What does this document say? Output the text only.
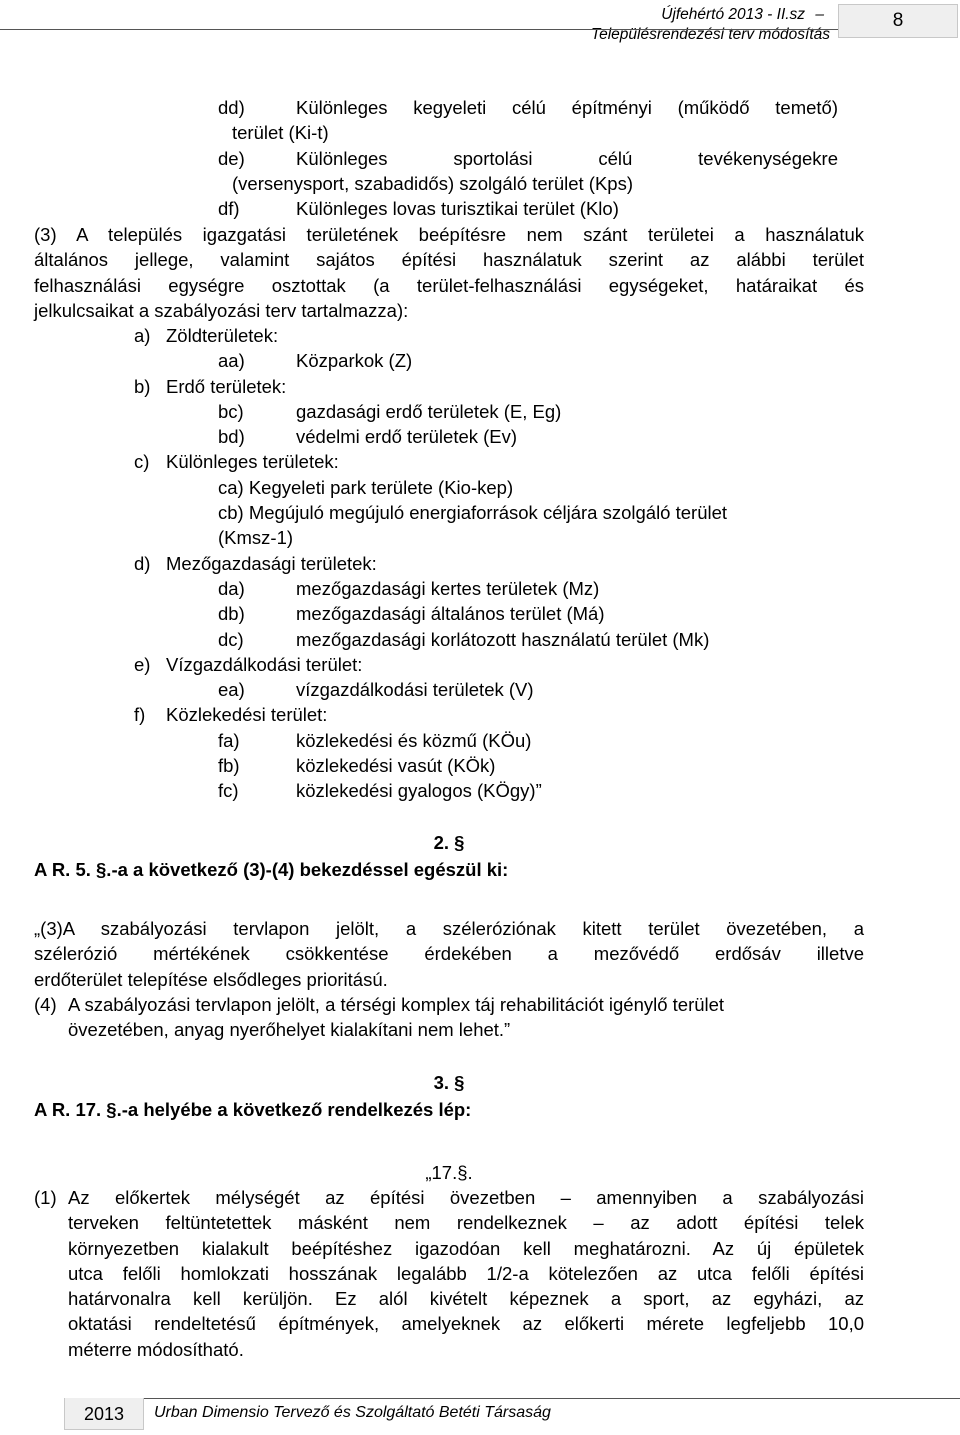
Újfehértó 2013 - II.sz – Településrendezési terv módosítás
8
dd)	Különleges kegyeleti célú építményi (működő temető)
terület (Ki-t)
de)	Különleges sportolási célú tevékenységekre
(versenysport, szabadidős) szolgáló terület (Kps)
df)	Különleges lovas turisztikai terület (Klo)

(3) A település igazgatási területének beépítésre nem szánt területei a használatuk

általános jellege, valamint sajátos építési használatuk szerint az alábbi terület

felhasználási egységre osztottak (a terület-felhasználási egységeket, határaikat és

jelkulcsaikat a szabályozási terv tartalmazza):

a) Zöldterületek:
aa)	Közparkok (Z)
b) Erdő területek:
bc)	gazdasági erdő területek (E, Eg)
bd)	védelmi erdő területek (Ev)
c) Különleges területek:
ca) Kegyeleti park területe (Kio-kep)
cb) Megújuló megújuló energiaforrások céljára szolgáló terület
(Kmsz-1)
d) Mezőgazdasági területek:
da)	mezőgazdasági kertes területek (Mz)
db)	mezőgazdasági általános terület (Má)
dc)	mezőgazdasági korlátozott használatú terület (Mk)
e) Vízgazdálkodási terület:
ea)	vízgazdálkodási területek (V)
f) Közlekedési terület:
fa)	közlekedési és közmű (KÖu)
fb)	közlekedési vasút (KÖk)
fc)	közlekedési gyalogos (KÖgy)”
2. §
A R. 5. §.-a a következő (3)-(4) bekezdéssel egészül ki:

„(3)A szabályozási tervlapon jelölt, a széleróziónak kitett terület övezetében, a

szélerózió mértékének csökkentése érdekében a mezővédő erdősáv illetve

erdőterület telepítése elsődleges prioritású.

(4) A szabályozási tervlapon jelölt, a térségi komplex táj rehabilitációt igénylő terület
övezetében, anyag nyerőhelyet kialakítani nem lehet.”
3. §
A R. 17. §.-a helyébe a következő rendelkezés lép:
„17.§.
(1) Az előkertek mélységét az építési övezetben – amennyiben a szabályozási

terveken feltüntetettek másként nem rendelkeznek – az adott építési telek

környezetben kialakult beépítéshez igazodóan kell meghatározni. Az új épületek

utca felőli homlokzati hosszának legalább 1/2-a kötelezően az utca felőli építési

határvonalra kell kerüljön. Ez alól kivételt képeznek a sport, az egyházi, az

oktatási rendeltetésű építmények, amelyeknek az előkerti mérete legfeljebb 10,0

méterre módosítható.

2013	Urban Dimensio Tervező és Szolgáltató Betéti Társaság
